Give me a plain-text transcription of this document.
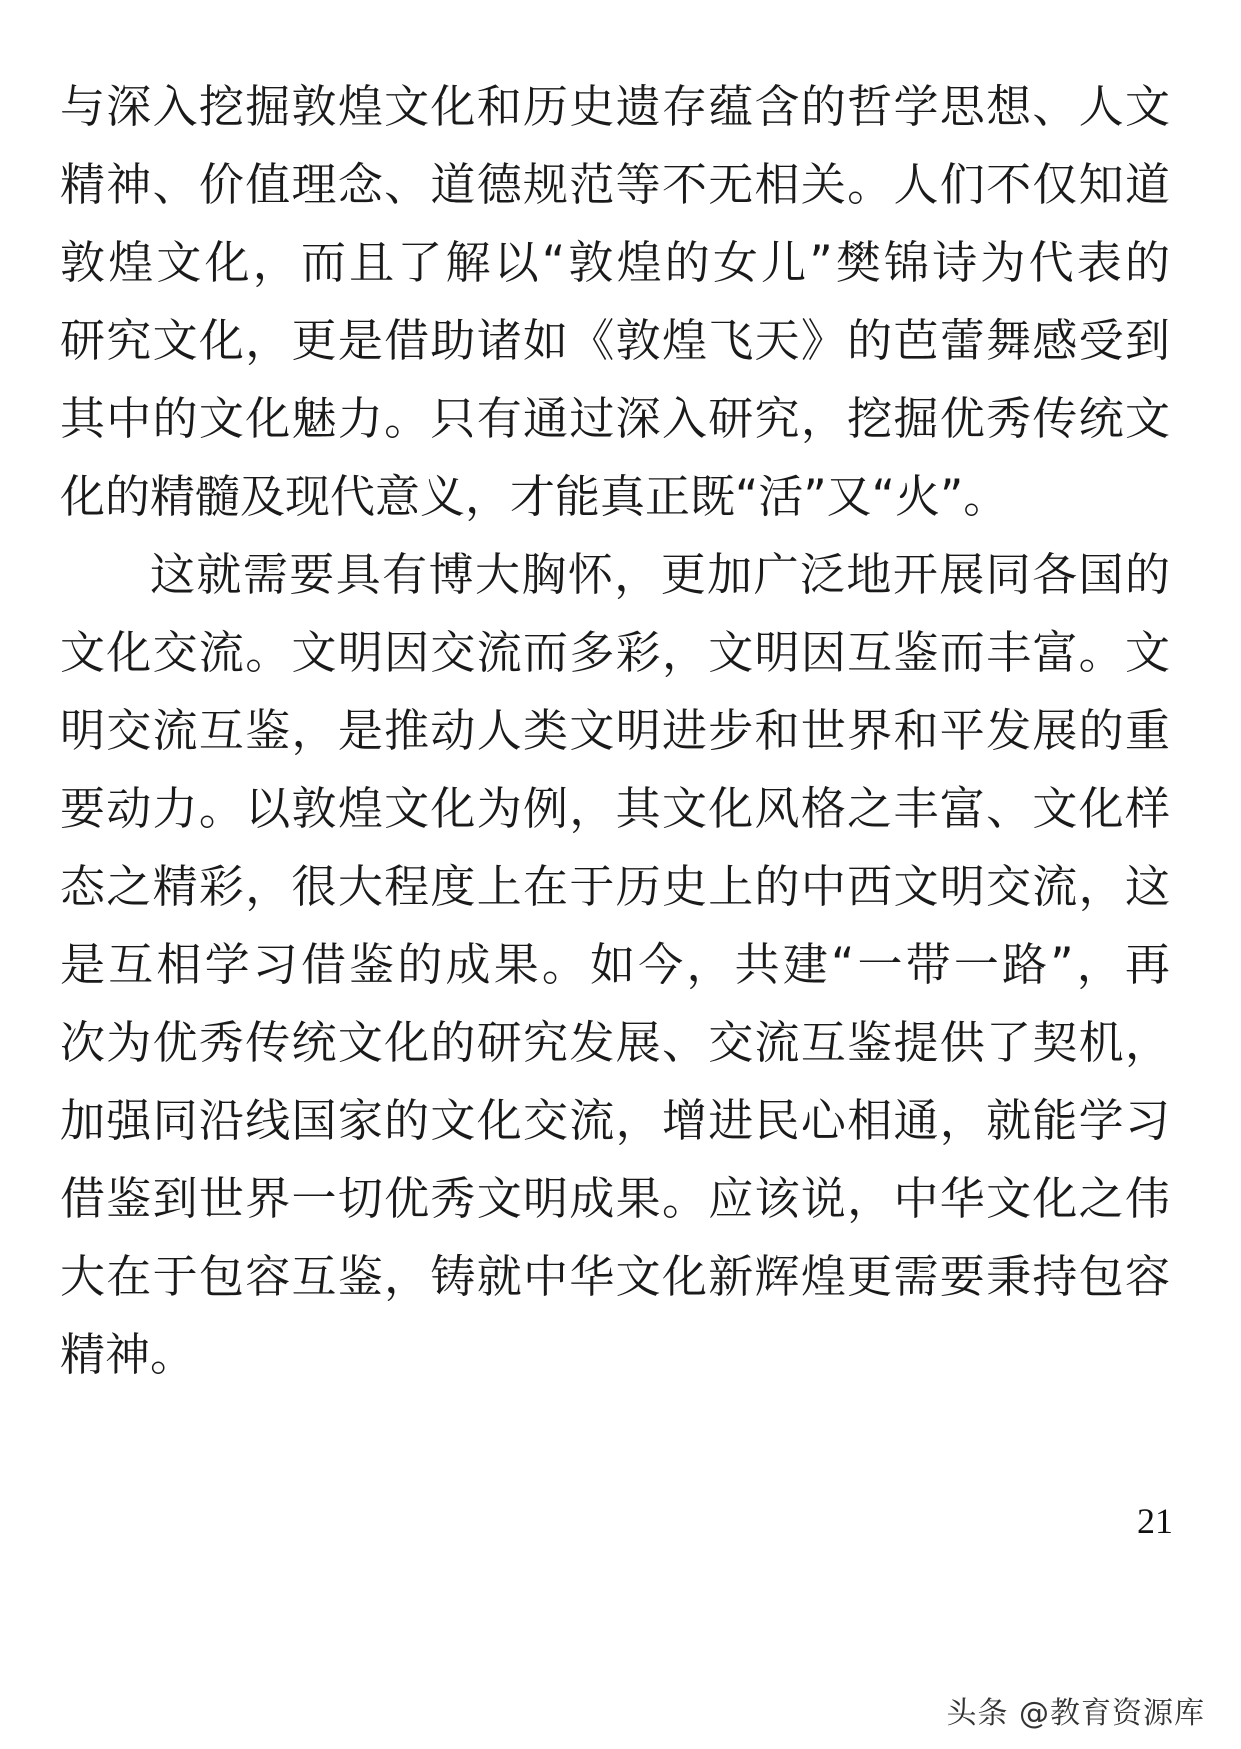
与深入挖掘敦煌文化和历史遗存蕴含的哲学思想、人文
精神、价值理念、道德规范等不无相关。人们不仅知道
敦煌文化，而且了解以“敦煌的女儿”樊锦诗为代表的
研究文化，更是借助诸如《敦煌飞天》的芭蕾舞感受到
其中的文化魅力。只有通过深入研究，挖掘优秀传统文
化的精髓及现代意义，才能真正既“活”又“火”。
这就需要具有博大胸怀，更加广泛地开展同各国的
文化交流。文明因交流而多彩，文明因互鉴而丰富。文
明交流互鉴，是推动人类文明进步和世界和平发展的重
要动力。以敦煌文化为例，其文化风格之丰富、文化样
态之精彩，很大程度上在于历史上的中西文明交流，这
是互相学习借鉴的成果。如今，共建“一带一路”，再
次为优秀传统文化的研究发展、交流互鉴提供了契机，
加强同沿线国家的文化交流，增进民心相通，就能学习
借鉴到世界一切优秀文明成果。应该说，中华文化之伟
大在于包容互鉴，铸就中华文化新辉煌更需要秉持包容
精神。
21
头条 @教育资源库
